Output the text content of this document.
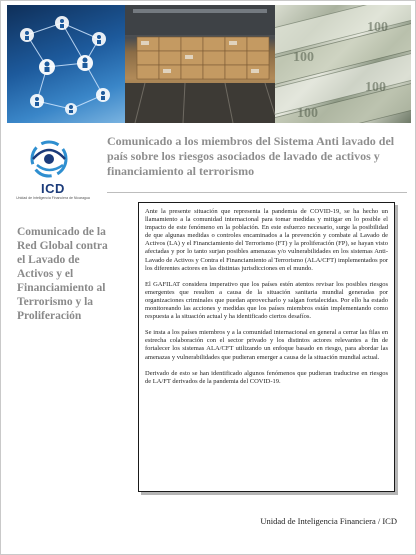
100
100
100
100
ICD
Unidad de Inteligencia Financiera de Nicaragua
Comunicado a los miembros del Sistema Anti lavado del país sobre los riesgos asociados de lavado de activos y financiamiento al terrorismo
Comunicado de la Red Global contra el Lavado de Activos y el Financiamiento al Terrorismo y la Proliferación

Ante la presente situación que representa la pandemia de COVID-19, se ha hecho un llamamiento a la comunidad internacional para tomar medidas y mitigar en lo posible el impacto de este fenómeno en la población. En este esfuerzo necesario, surge la posibilidad de que algunas medidas o controles encaminados a la prevención y combate al Lavado de Activos (LA) y el Financiamiento del Terrorismo (FT) y la proliferación (FP), se hayan visto afectadas y por lo tanto surjan posibles amenazas y/o vulnerabilidades en los sistemas Anti-Lavado de Activos y Contra el Financiamiento al Terrorismo (ALA/CFT) implementados por los diferentes actores en las distintas jurisdicciones en el mundo.

El GAFILAT considera imperativo que los países estén atentos revisar los posibles riesgos emergentes que resulten a causa de la situación sanitaria mundial generadas por organizaciones criminales que puedan aprovecharlo y salgan fortalecidas. Por ello ha estado monitoreando las acciones y medidas que los países miembros están implementando como respuesta a la situación actual y ha identificado ciertos desafíos.

Se insta a los países miembros y a la comunidad internacional en general a cerrar las filas en estrecha colaboración con el sector privado y los distintos actores relevantes a fin de fortalecer los sistemas ALA/CFT utilizando un enfoque basado en riesgo, para abordar las amenazas y vulnerabilidades que pudieran emerger a causa de la situación mundial actual.

Derivado de esto se han identificado algunos fenómenos que pudieran traducirse en riesgos de LA/FT derivados de la pandemia del COVID-19.

Unidad de Inteligencia Financiera / ICD
